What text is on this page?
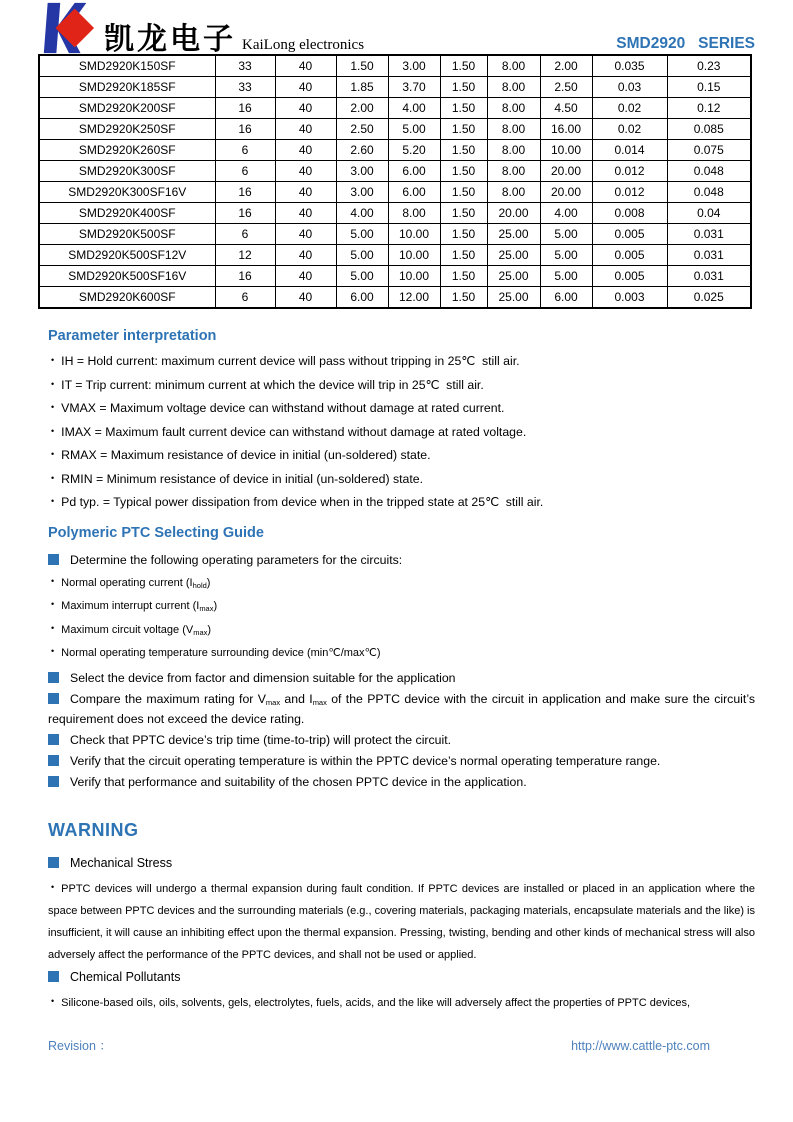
凯龙电子 KaiLong electronics	SMD2920   SERIES
SMD2920K150SF	33	40	1.50	3.00	1.50	8.00	2.00	0.035	0.23
SMD2920K185SF	33	40	1.85	3.70	1.50	8.00	2.50	0.03	0.15
SMD2920K200SF	16	40	2.00	4.00	1.50	8.00	4.50	0.02	0.12
SMD2920K250SF	16	40	2.50	5.00	1.50	8.00	16.00	0.02	0.085
SMD2920K260SF	6	40	2.60	5.20	1.50	8.00	10.00	0.014	0.075
SMD2920K300SF	6	40	3.00	6.00	1.50	8.00	20.00	0.012	0.048
SMD2920K300SF16V	16	40	3.00	6.00	1.50	8.00	20.00	0.012	0.048
SMD2920K400SF	16	40	4.00	8.00	1.50	20.00	4.00	0.008	0.04
SMD2920K500SF	6	40	5.00	10.00	1.50	25.00	5.00	0.005	0.031
SMD2920K500SF12V	12	40	5.00	10.00	1.50	25.00	5.00	0.005	0.031
SMD2920K500SF16V	16	40	5.00	10.00	1.50	25.00	5.00	0.005	0.031
SMD2920K600SF	6	40	6.00	12.00	1.50	25.00	6.00	0.003	0.025
Parameter interpretation
• IH = Hold current: maximum current device will pass without tripping in 25℃  still air.
• IT = Trip current: minimum current at which the device will trip in 25℃  still air.
• VMAX = Maximum voltage device can withstand without damage at rated current.
• IMAX = Maximum fault current device can withstand without damage at rated voltage.
• RMAX = Maximum resistance of device in initial (un-soldered) state.
• RMIN = Minimum resistance of device in initial (un-soldered) state.
• Pd typ. = Typical power dissipation from device when in the tripped state at 25℃  still air.
Polymeric PTC Selecting Guide
Determine the following operating parameters for the circuits:
• Normal operating current $(I_{hold})$
• Maximum interrupt current $(I_{max})$
• Maximum circuit voltage $(V_{max})$
• Normal operating temperature surrounding device (min℃/max℃)
Select the device from factor and dimension suitable for the application
Compare the maximum rating for $V_{max}$ and $I_{max}$ of the PPTC device with the circuit in application and make sure the circuit’s requirement does not exceed the device rating.
Check that PPTC device’s trip time (time-to-trip) will protect the circuit.
Verify that the circuit operating temperature is within the PPTC device’s normal operating temperature range.
Verify that performance and suitability of the chosen PPTC device in the application.
WARNING
Mechanical Stress
• PPTC devices will undergo a thermal expansion during fault condition. If PPTC devices are installed or placed in an application where the space between PPTC devices and the surrounding materials (e.g., covering materials, packaging materials, encapsulate materials and the like) is insufficient, it will cause an inhibiting effect upon the thermal expansion. Pressing, twisting, bending and other kinds of mechanical stress will also adversely affect the performance of the PPTC devices, and shall not be used or applied.
Chemical Pollutants
• Silicone-based oils, oils, solvents, gels, electrolytes, fuels, acids, and the like will adversely affect the properties of PPTC devices,
Revision ：	http://www.cattle-ptc.com
